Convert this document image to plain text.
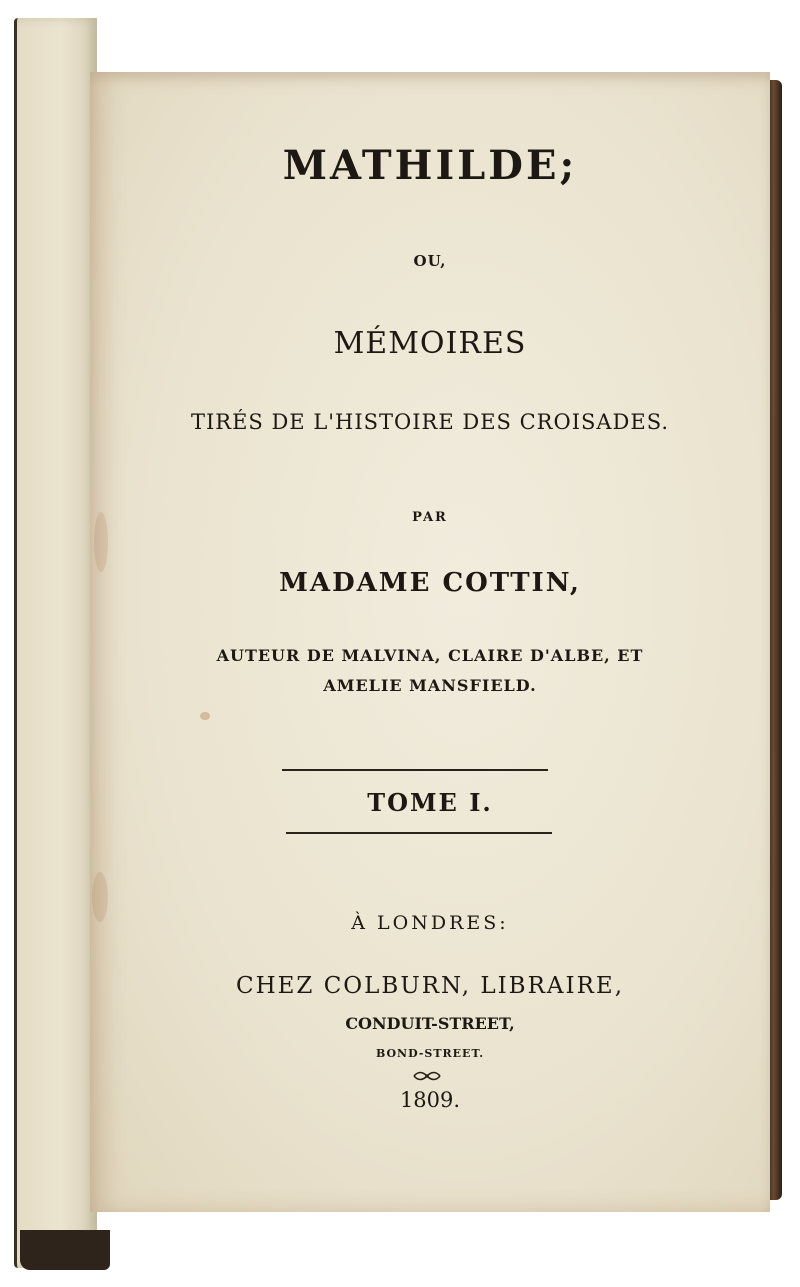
MATHILDE;
OU,
MÉMOIRES
TIRÉS DE L'HISTOIRE DES CROISADES.
PAR
MADAME COTTIN,
AUTEUR DE MALVINA, CLAIRE D'ALBE, ET
AMELIE MANSFIELD.
TOME I.
À LONDRES:
CHEZ COLBURN, LIBRAIRE,
CONDUIT-STREET,
BOND-STREET.
1809.
